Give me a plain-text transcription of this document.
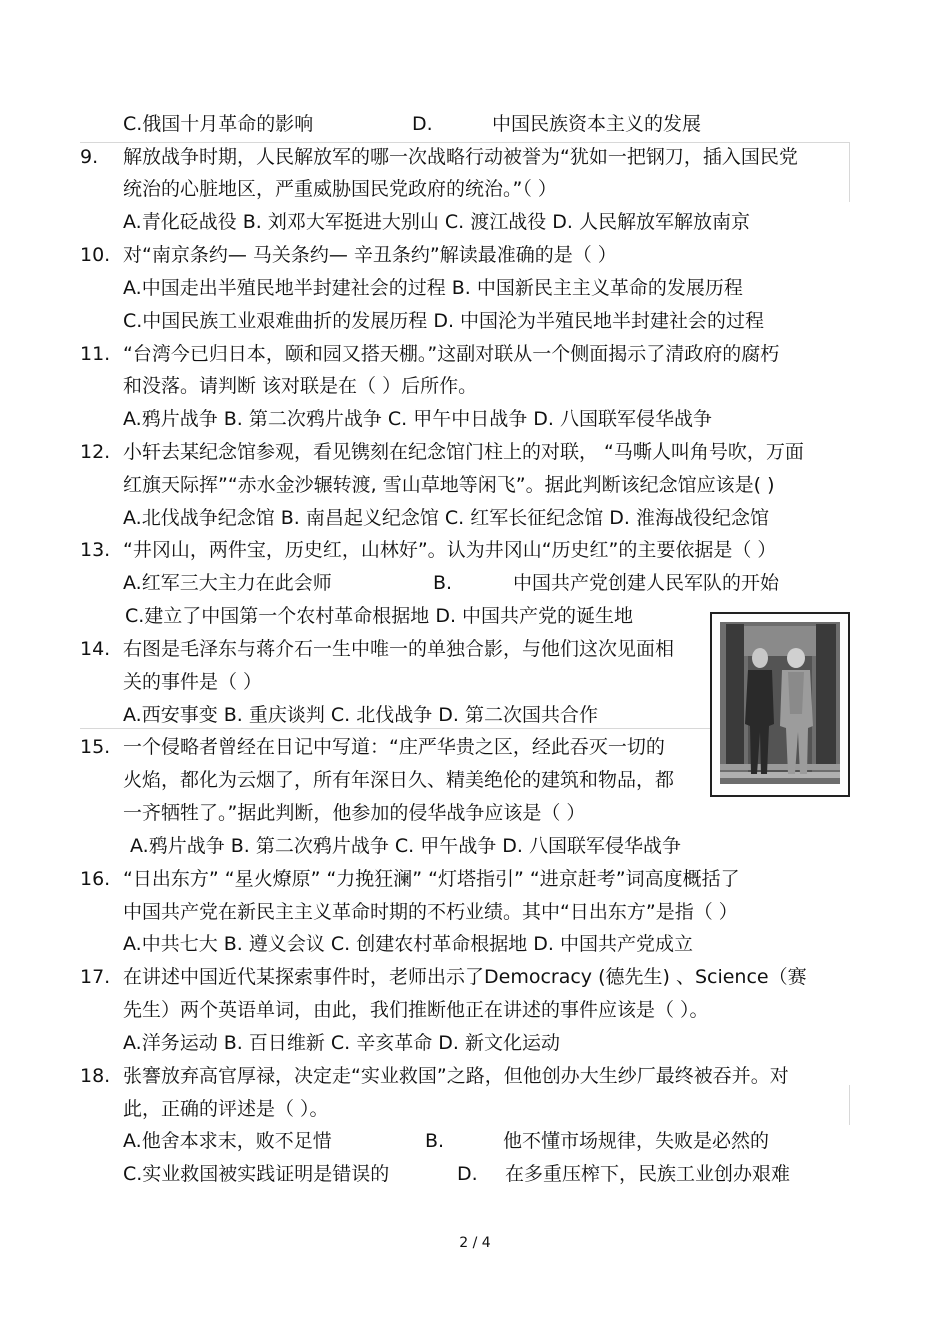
C.俄国十月革命的影响	D.	中国民族资本主义的发展
9. 解放战争时期，人民解放军的哪一次战略行动被誉为“犹如一把钢刀，插入国民党
统治的心脏地区，严重威胁国民党政府的统治。”（ ）
A.青化砭战役 B. 刘邓大军挺进大别山 C. 渡江战役 D. 人民解放军解放南京
10. 对“南京条约— 马关条约— 辛丑条约”解读最准确的是（ ）
A.中国走出半殖民地半封建社会的过程 B. 中国新民主主义革命的发展历程
C.中国民族工业艰难曲折的发展历程 D. 中国沦为半殖民地半封建社会的过程
11. “台湾今已归日本，颐和园又搭天棚。”这副对联从一个侧面揭示了清政府的腐朽
和没落。请判断 该对联是在（ ）后所作。
A.鸦片战争 B. 第二次鸦片战争 C. 甲午中日战争 D. 八国联军侵华战争
12. 小轩去某纪念馆参观，看见镌刻在纪念馆门柱上的对联， “马嘶人叫角号吹，万面
红旗天际挥”“赤水金沙辗转渡, 雪山草地等闲飞”。据此判断该纪念馆应该是( )
A.北伐战争纪念馆 B. 南昌起义纪念馆 C. 红军长征纪念馆 D. 淮海战役纪念馆
13. “井冈山，两件宝，历史红，山林好”。认为井冈山“历史红”的主要依据是（ ）
A.红军三大主力在此会师	B.	中国共产党创建人民军队的开始
C.建立了中国第一个农村革命根据地 D. 中国共产党的诞生地
14. 右图是毛泽东与蒋介石一生中唯一的单独合影，与他们这次见面相
关的事件是（ ）
A.西安事变 B. 重庆谈判 C. 北伐战争 D. 第二次国共合作
15. 一个侵略者曾经在日记中写道：“庄严华贵之区，经此吞灭一切的
火焰，都化为云烟了，所有年深日久、精美绝伦的建筑和物品，都
一齐牺牲了。”据此判断，他参加的侵华战争应该是（ ）
A.鸦片战争 B. 第二次鸦片战争 C. 甲午战争 D. 八国联军侵华战争
16. “日出东方” “星火燎原” “力挽狂澜” “灯塔指引” “进京赶考”词高度概括了
中国共产党在新民主主义革命时期的不朽业绩。其中“日出东方”是指（ ）
A.中共七大 B. 遵义会议 C. 创建农村革命根据地 D. 中国共产党成立
17. 在讲述中国近代某探索事件时，老师出示了Democracy (德先生) 、Science（赛
先生）两个英语单词，由此，我们推断他正在讲述的事件应该是（ ）。
A.洋务运动 B. 百日维新 C. 辛亥革命 D. 新文化运动
18. 张謇放弃高官厚禄，决定走“实业救国”之路，但他创办大生纱厂最终被吞并。对
此，正确的评述是（ ）。
A.他舍本求末，败不足惜	B.	他不懂市场规律，失败是必然的
C.实业救国被实践证明是错误的	D. 在多重压榨下，民族工业创办艰难
2 / 4
